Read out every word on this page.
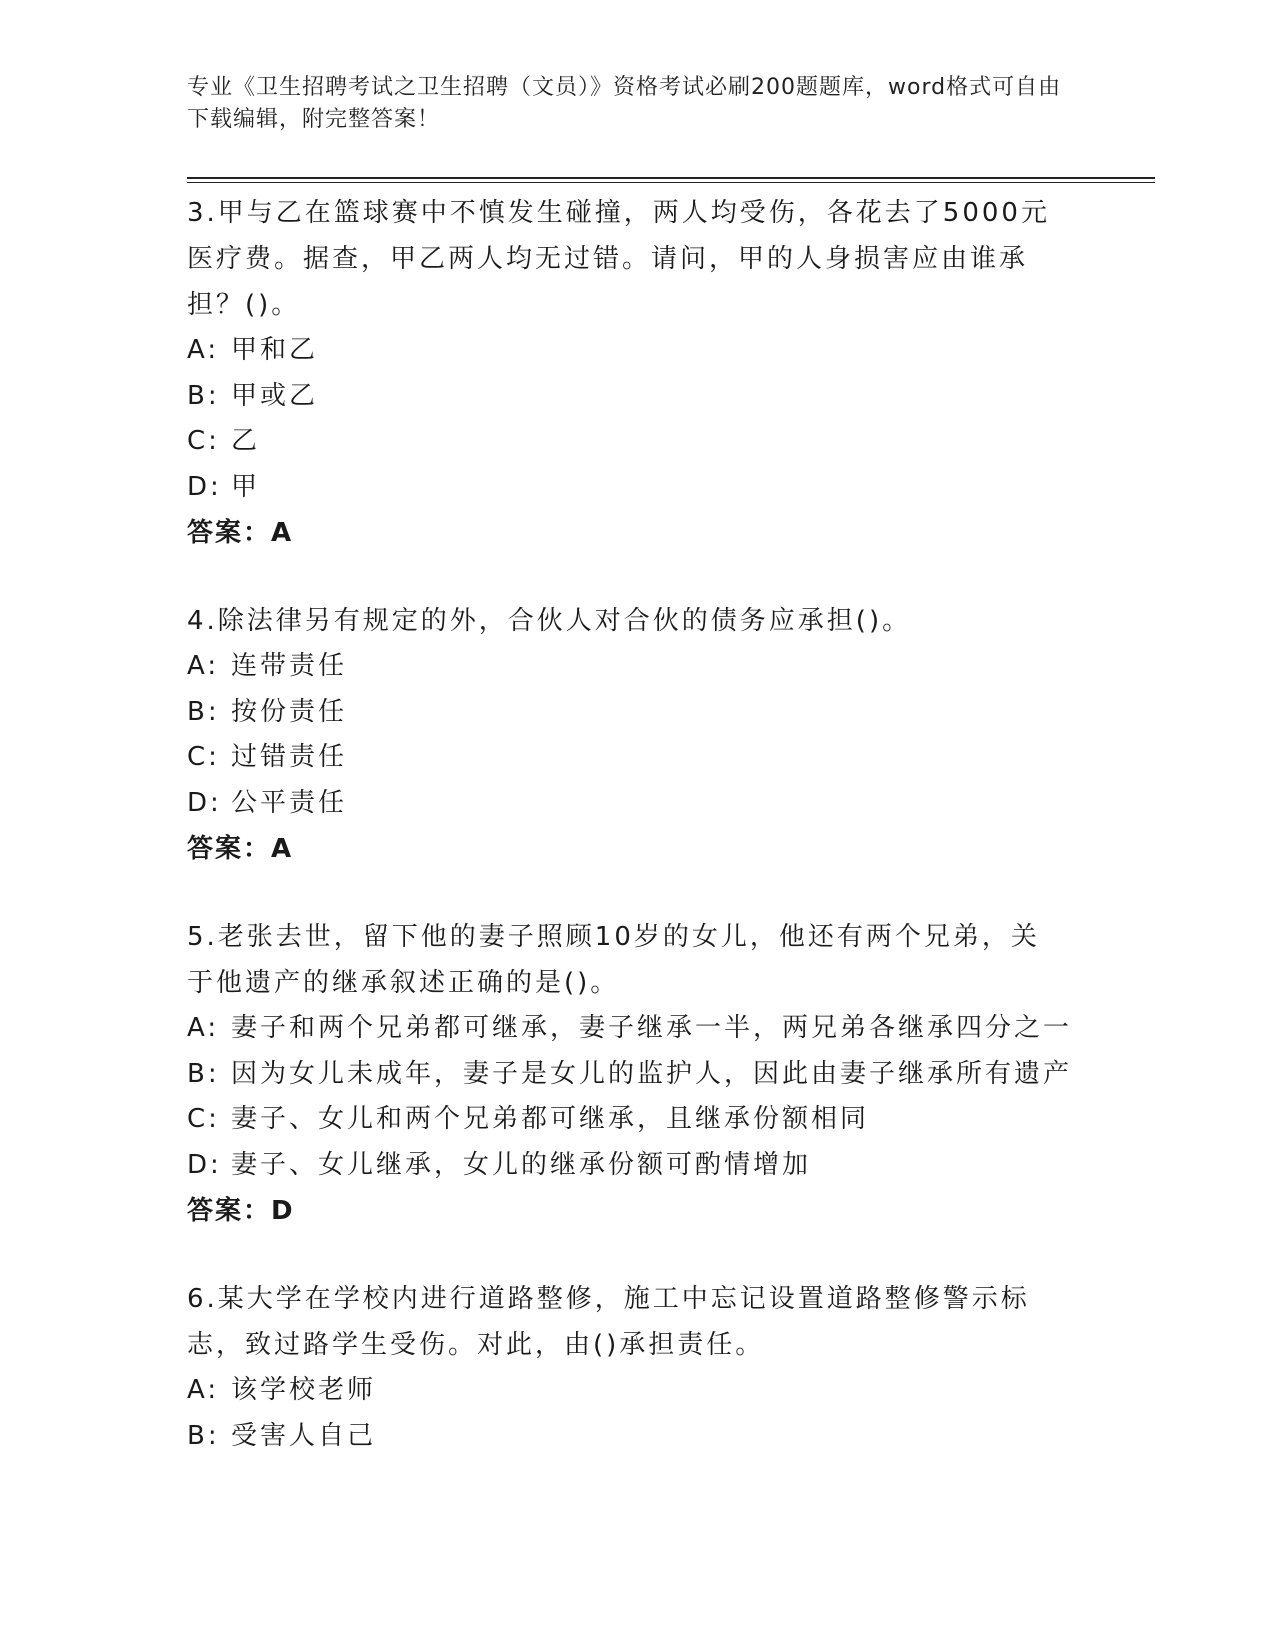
专业《卫生招聘考试之卫生招聘（文员）》资格考试必刷200题题库，word格式可自由下载编辑，附完整答案！
3.甲与乙在篮球赛中不慎发生碰撞，两人均受伤，各花去了5000元医疗费。据查，甲乙两人均无过错。请问，甲的人身损害应由谁承担？()。
A: 甲和乙
B: 甲或乙
C: 乙
D: 甲
答案：A
4.除法律另有规定的外，合伙人对合伙的债务应承担()。
A: 连带责任
B: 按份责任
C: 过错责任
D: 公平责任
答案：A
5.老张去世，留下他的妻子照顾10岁的女儿，他还有两个兄弟，关于他遗产的继承叙述正确的是()。
A: 妻子和两个兄弟都可继承，妻子继承一半，两兄弟各继承四分之一
B: 因为女儿未成年，妻子是女儿的监护人，因此由妻子继承所有遗产
C: 妻子、女儿和两个兄弟都可继承，且继承份额相同
D: 妻子、女儿继承，女儿的继承份额可酌情增加
答案：D
6.某大学在学校内进行道路整修，施工中忘记设置道路整修警示标志，致过路学生受伤。对此，由()承担责任。
A: 该学校老师
B: 受害人自己
